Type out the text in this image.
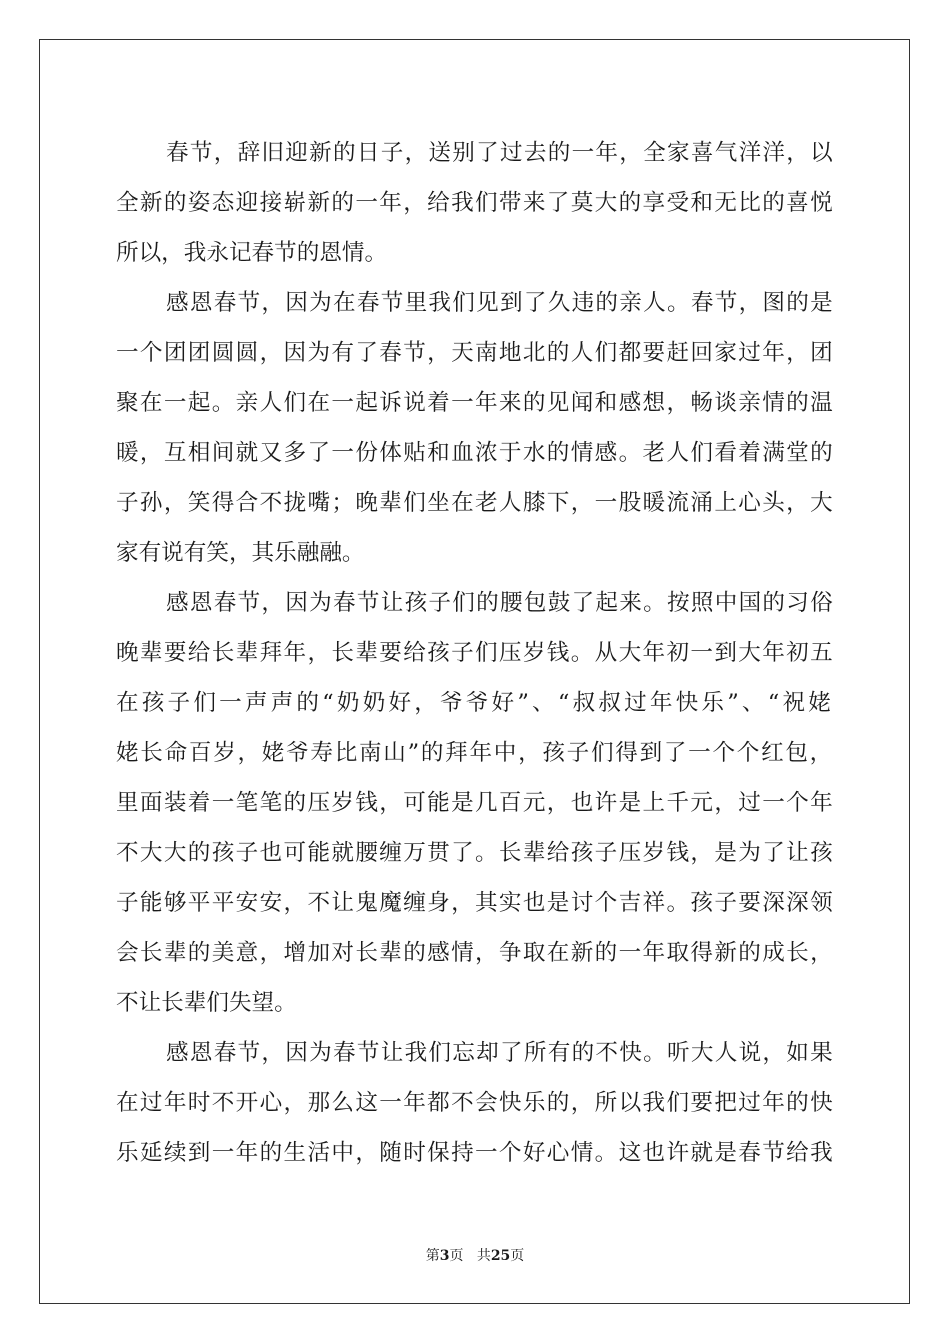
春节，辞旧迎新的日子，送别了过去的一年，全家喜气洋洋，以
全新的姿态迎接崭新的一年，给我们带来了莫大的享受和无比的喜悦
所以，我永记春节的恩情。
感恩春节，因为在春节里我们见到了久违的亲人。春节，图的是
一个团团圆圆，因为有了春节，天南地北的人们都要赶回家过年，团
聚在一起。亲人们在一起诉说着一年来的见闻和感想，畅谈亲情的温
暖，互相间就又多了一份体贴和血浓于水的情感。老人们看着满堂的
子孙，笑得合不拢嘴；晚辈们坐在老人膝下，一股暖流涌上心头，大
家有说有笑，其乐融融。
感恩春节，因为春节让孩子们的腰包鼓了起来。按照中国的习俗
晚辈要给长辈拜年，长辈要给孩子们压岁钱。从大年初一到大年初五
在孩子们一声声的“奶奶好，爷爷好”、“叔叔过年快乐”、“祝姥
姥长命百岁，姥爷寿比南山”的拜年中，孩子们得到了一个个红包，
里面装着一笔笔的压岁钱，可能是几百元，也许是上千元，过一个年
不大大的孩子也可能就腰缠万贯了。长辈给孩子压岁钱，是为了让孩
子能够平平安安，不让鬼魔缠身，其实也是讨个吉祥。孩子要深深领
会长辈的美意，增加对长辈的感情，争取在新的一年取得新的成长，
不让长辈们失望。
感恩春节，因为春节让我们忘却了所有的不快。听大人说，如果
在过年时不开心，那么这一年都不会快乐的，所以我们要把过年的快
乐延续到一年的生活中，随时保持一个好心情。这也许就是春节给我
第3页 共25页
